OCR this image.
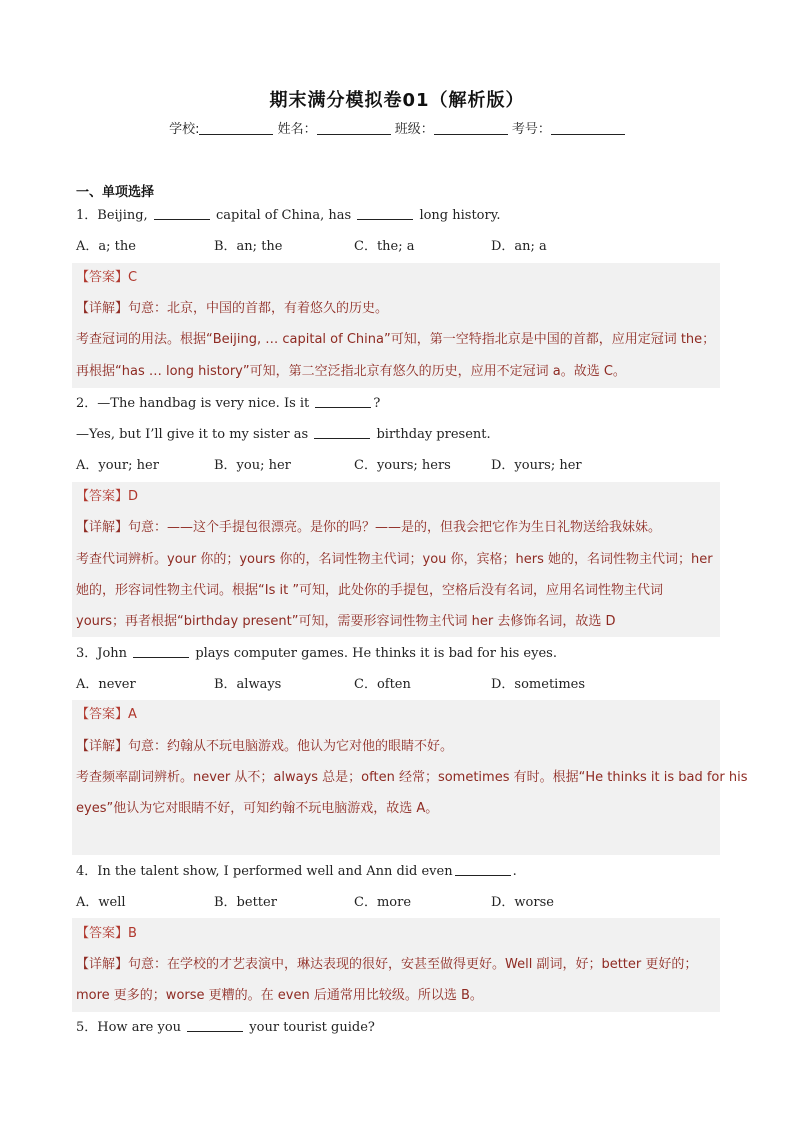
期末满分模拟卷01（解析版）
学校:	姓名：	班级：	考号：
一、单项选择
1．Beijing,	capital of China, has	long history.
A．a; the	B．an; the	C．the; a	D．an; a
【答案】C
【详解】句意：北京，中国的首都，有着悠久的历史。
考查冠词的用法。根据“Beijing, … capital of China”可知，第一空特指北京是中国的首都，应用定冠词 the；
再根据“has … long history”可知，第二空泛指北京有悠久的历史，应用不定冠词 a。故选 C。
2．—The handbag is very nice. Is it	?
—Yes, but I’ll give it to my sister as	birthday present.
A．your; her	B．you; her	C．yours; hers	D．yours; her
【答案】D
【详解】句意：——这个手提包很漂亮。是你的吗？——是的，但我会把它作为生日礼物送给我妹妹。
考查代词辨析。your 你的；yours 你的，名词性物主代词；you 你，宾格；hers 她的，名词性物主代词；her
她的，形容词性物主代词。根据“Is it ”可知，此处你的手提包，空格后没有名词，应用名词性物主代词
yours；再者根据“birthday present”可知，需要形容词性物主代词 her 去修饰名词，故选 D
3．John	plays computer games. He thinks it is bad for his eyes.
A．never	B．always	C．often	D．sometimes
【答案】A
【详解】句意：约翰从不玩电脑游戏。他认为它对他的眼睛不好。
考查频率副词辨析。never 从不；always 总是；often 经常；sometimes 有时。根据“He thinks it is bad for his
eyes”他认为它对眼睛不好，可知约翰不玩电脑游戏，故选 A。
4．In the talent show, I performed well and Ann did even	.
A．well	B．better	C．more	D．worse
【答案】B
【详解】句意：在学校的才艺表演中，琳达表现的很好，安甚至做得更好。Well 副词，好；better 更好的；
more 更多的；worse 更糟的。在 even 后通常用比较级。所以选 B。
5．How are you	your tourist guide?
